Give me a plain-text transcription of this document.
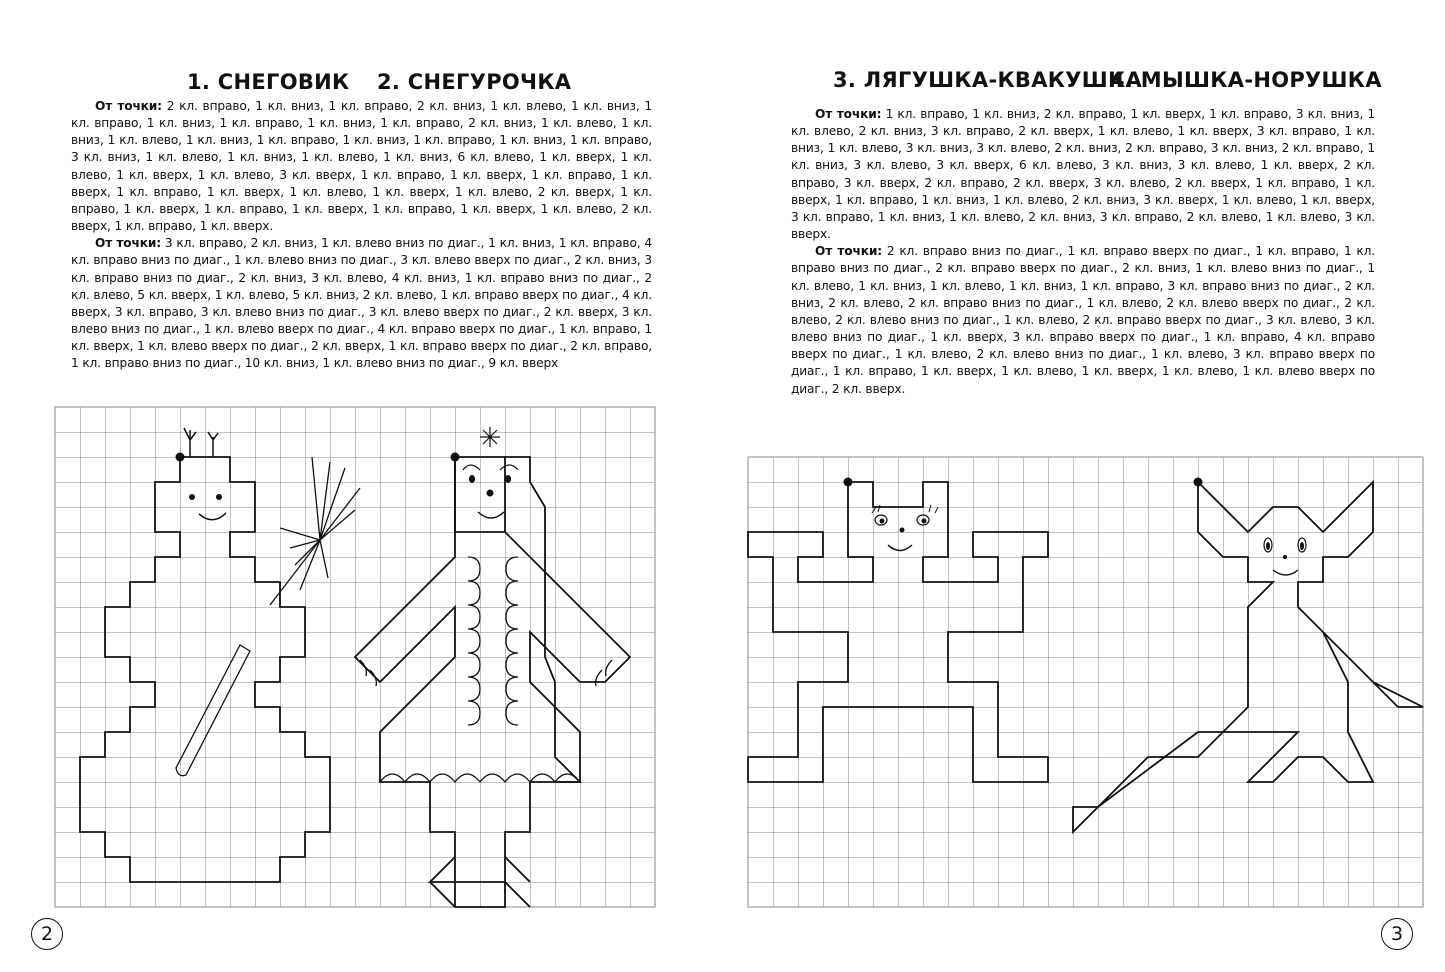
1. СНЕГОВИК 2. СНЕГУРОЧКА

От точки: 2 кл. вправо, 1 кл. вниз, 1 кл. вправо, 2 кл. вниз, 1 кл. влево, 1 кл. вниз, 1 кл. вправо, 1 кл. вниз, 1 кл. вправо, 1 кл. вниз, 1 кл. вправо, 2 кл. вниз, 1 кл. влево, 1 кл. вниз, 1 кл. влево, 1 кл. вниз, 1 кл. вправо, 1 кл. вниз, 1 кл. вправо, 1 кл. вниз, 1 кл. вправо, 3 кл. вниз, 1 кл. влево, 1 кл. вниз, 1 кл. влево, 1 кл. вниз, 6 кл. влево, 1 кл. вверх, 1 кл. влево, 1 кл. вверх, 1 кл. влево, 3 кл. вверх, 1 кл. вправо, 1 кл. вверх, 1 кл. вправо, 1 кл. вверх, 1 кл. вправо, 1 кл. вверх, 1 кл. влево, 1 кл. вверх, 1 кл. влево, 2 кл. вверх, 1 кл. вправо, 1 кл. вверх, 1 кл. вправо, 1 кл. вверх, 1 кл. вправо, 1 кл. вверх, 1 кл. влево, 2 кл. вверх, 1 кл. вправо, 1 кл. вверх.

От точки: 3 кл. вправо, 2 кл. вниз, 1 кл. влево вниз по диаг., 1 кл. вниз, 1 кл. вправо, 4 кл. вправо вниз по диаг., 1 кл. влево вниз по диаг., 3 кл. влево вверх по диаг., 2 кл. вниз, 3 кл. вправо вниз по диаг., 2 кл. вниз, 3 кл. влево, 4 кл. вниз, 1 кл. вправо вниз по диаг., 2 кл. влево, 5 кл. вверх, 1 кл. влево, 5 кл. вниз, 2 кл. влево, 1 кл. вправо вверх по диаг., 4 кл. вверх, 3 кл. вправо, 3 кл. влево вниз по диаг., 3 кл. влево вверх по диаг., 2 кл. вверх, 3 кл. влево вниз по диаг., 1 кл. влево вверх по диаг., 4 кл. вправо вверх по диаг., 1 кл. вправо, 1 кл. вверх, 1 кл. влево вверх по диаг., 2 кл. вверх, 1 кл. вправо вверх по диаг., 2 кл. вправо, 1 кл. вправо вниз по диаг., 10 кл. вниз, 1 кл. влево вниз по диаг., 9 кл. вверх

3. ЛЯГУШКА-КВАКУШКА
4. МЫШКА-НОРУШКА

От точки: 1 кл. вправо, 1 кл. вниз, 2 кл. вправо, 1 кл. вверх, 1 кл. вправо, 3 кл. вниз, 1 кл. влево, 2 кл. вниз, 3 кл. вправо, 2 кл. вверх, 1 кл. влево, 1 кл. вверх, 3 кл. вправо, 1 кл. вниз, 1 кл. влево, 3 кл. вниз, 3 кл. влево, 2 кл. вниз, 2 кл. вправо, 3 кл. вниз, 2 кл. вправо, 1 кл. вниз, 3 кл. влево, 3 кл. вверх, 6 кл. влево, 3 кл. вниз, 3 кл. влево, 1 кл. вверх, 2 кл. вправо, 3 кл. вверх, 2 кл. вправо, 2 кл. вверх, 3 кл. влево, 2 кл. вверх, 1 кл. вправо, 1 кл. вверх, 1 кл. вправо, 1 кл. вниз, 1 кл. влево, 2 кл. вниз, 3 кл. вверх, 1 кл. влево, 1 кл. вверх, 3 кл. вправо, 1 кл. вниз, 1 кл. влево, 2 кл. вниз, 3 кл. вправо, 2 кл. влево, 1 кл. влево, 3 кл. вверх.

От точки: 2 кл. вправо вниз по диаг., 1 кл. вправо вверх по диаг., 1 кл. вправо, 1 кл. вправо вниз по диаг., 2 кл. вправо вверх по диаг., 2 кл. вниз, 1 кл. влево вниз по диаг., 1 кл. влево, 1 кл. вниз, 1 кл. влево, 1 кл. вниз, 1 кл. вправо, 3 кл. вправо вниз по диаг., 2 кл. вниз, 2 кл. влево, 2 кл. вправо вниз по диаг., 1 кл. влево, 2 кл. влево вверх по диаг., 2 кл. влево, 2 кл. влево вниз по диаг., 1 кл. влево, 2 кл. вправо вверх по диаг., 3 кл. влево, 3 кл. влево вниз по диаг., 1 кл. вверх, 3 кл. вправо вверх по диаг., 1 кл. вправо, 4 кл. вправо вверх по диаг., 1 кл. влево, 2 кл. влево вниз по диаг., 1 кл. влево, 3 кл. вправо вверх по диаг., 1 кл. вправо, 1 кл. вверх, 1 кл. влево, 1 кл. вверх, 1 кл. влево, 1 кл. влево вверх по диаг., 2 кл. вверх.

2	3
